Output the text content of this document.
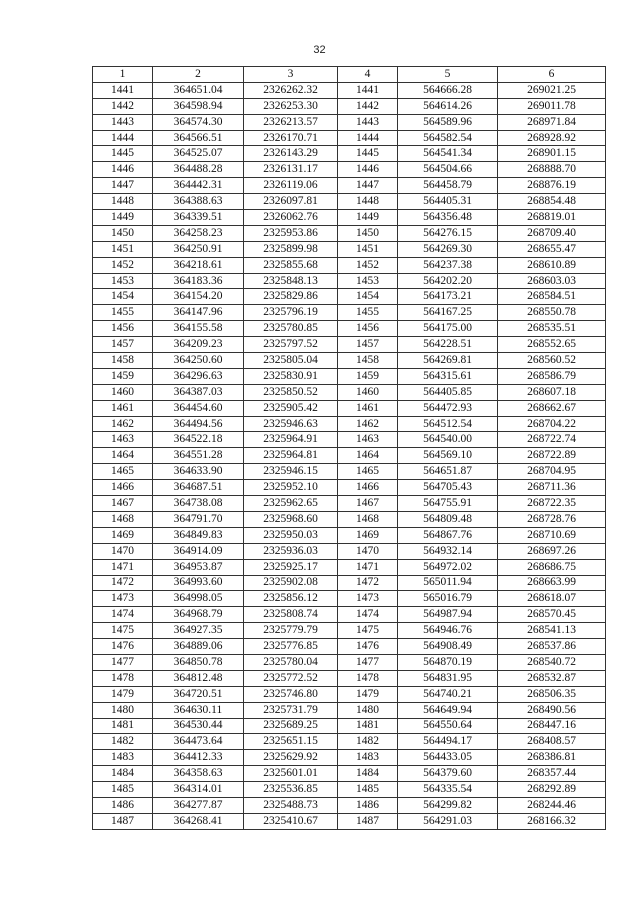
32
1	2	3	4	5	6
1441	364651.04	2326262.32	1441	564666.28	269021.25
1442	364598.94	2326253.30	1442	564614.26	269011.78
1443	364574.30	2326213.57	1443	564589.96	268971.84
1444	364566.51	2326170.71	1444	564582.54	268928.92
1445	364525.07	2326143.29	1445	564541.34	268901.15
1446	364488.28	2326131.17	1446	564504.66	268888.70
1447	364442.31	2326119.06	1447	564458.79	268876.19
1448	364388.63	2326097.81	1448	564405.31	268854.48
1449	364339.51	2326062.76	1449	564356.48	268819.01
1450	364258.23	2325953.86	1450	564276.15	268709.40
1451	364250.91	2325899.98	1451	564269.30	268655.47
1452	364218.61	2325855.68	1452	564237.38	268610.89
1453	364183.36	2325848.13	1453	564202.20	268603.03
1454	364154.20	2325829.86	1454	564173.21	268584.51
1455	364147.96	2325796.19	1455	564167.25	268550.78
1456	364155.58	2325780.85	1456	564175.00	268535.51
1457	364209.23	2325797.52	1457	564228.51	268552.65
1458	364250.60	2325805.04	1458	564269.81	268560.52
1459	364296.63	2325830.91	1459	564315.61	268586.79
1460	364387.03	2325850.52	1460	564405.85	268607.18
1461	364454.60	2325905.42	1461	564472.93	268662.67
1462	364494.56	2325946.63	1462	564512.54	268704.22
1463	364522.18	2325964.91	1463	564540.00	268722.74
1464	364551.28	2325964.81	1464	564569.10	268722.89
1465	364633.90	2325946.15	1465	564651.87	268704.95
1466	364687.51	2325952.10	1466	564705.43	268711.36
1467	364738.08	2325962.65	1467	564755.91	268722.35
1468	364791.70	2325968.60	1468	564809.48	268728.76
1469	364849.83	2325950.03	1469	564867.76	268710.69
1470	364914.09	2325936.03	1470	564932.14	268697.26
1471	364953.87	2325925.17	1471	564972.02	268686.75
1472	364993.60	2325902.08	1472	565011.94	268663.99
1473	364998.05	2325856.12	1473	565016.79	268618.07
1474	364968.79	2325808.74	1474	564987.94	268570.45
1475	364927.35	2325779.79	1475	564946.76	268541.13
1476	364889.06	2325776.85	1476	564908.49	268537.86
1477	364850.78	2325780.04	1477	564870.19	268540.72
1478	364812.48	2325772.52	1478	564831.95	268532.87
1479	364720.51	2325746.80	1479	564740.21	268506.35
1480	364630.11	2325731.79	1480	564649.94	268490.56
1481	364530.44	2325689.25	1481	564550.64	268447.16
1482	364473.64	2325651.15	1482	564494.17	268408.57
1483	364412.33	2325629.92	1483	564433.05	268386.81
1484	364358.63	2325601.01	1484	564379.60	268357.44
1485	364314.01	2325536.85	1485	564335.54	268292.89
1486	364277.87	2325488.73	1486	564299.82	268244.46
1487	364268.41	2325410.67	1487	564291.03	268166.32
